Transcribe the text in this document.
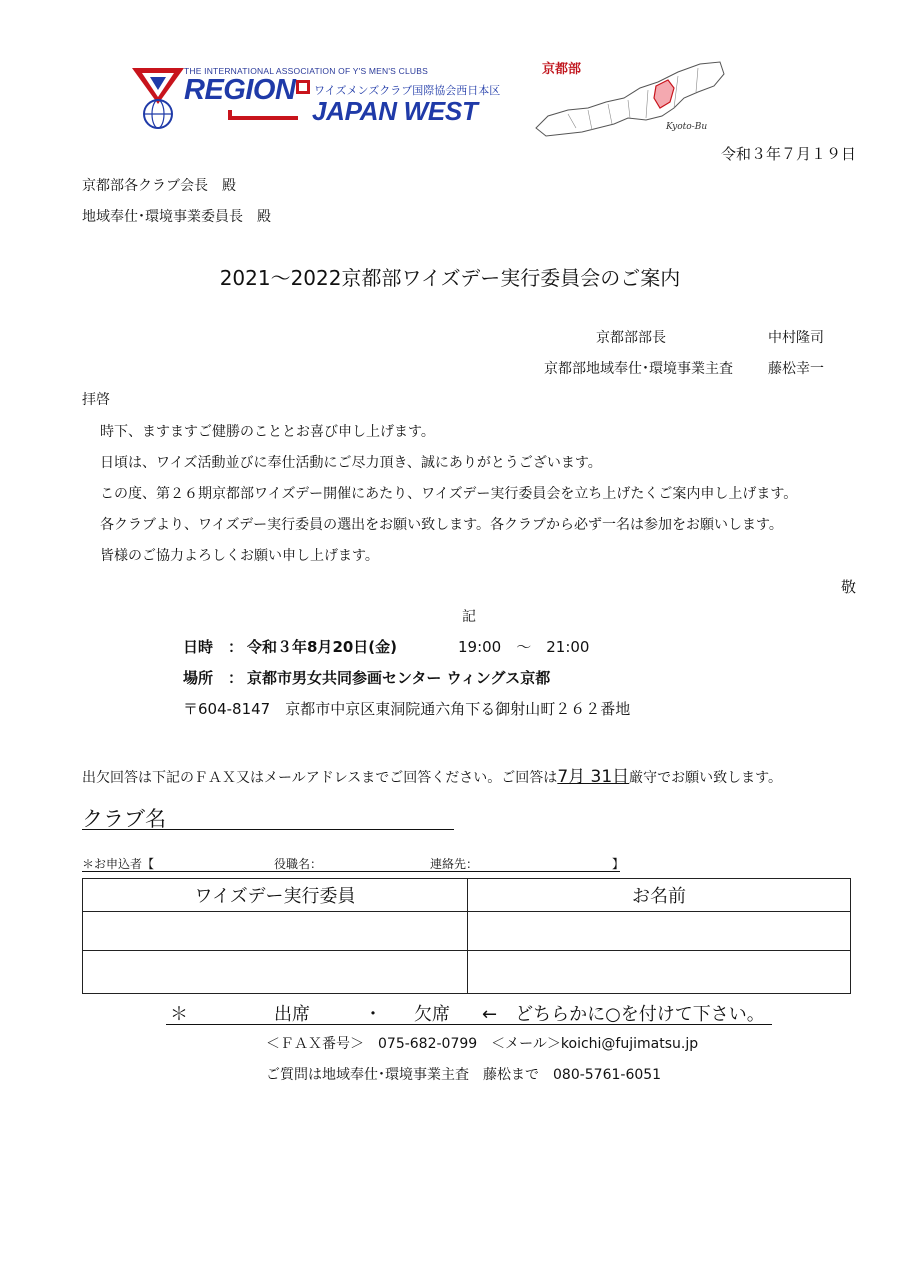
THE INTERNATIONAL ASSOCIATION OF Y'S MEN'S CLUBS
REGION ワイズメンズクラブ国際協会西日本区
JAPAN WEST
京都部
Kyoto-Bu
令和３年７月１９日
京都部各クラブ会長　殿
地域奉仕･環境事業委員長　殿
2021～2022京都部ワイズデー実行委員会のご案内
京都部部長	中村隆司
京都部地域奉仕･環境事業主査	藤松幸一
拝啓
時下、ますますご健勝のこととお喜び申し上げます。
日頃は、ワイズ活動並びに奉仕活動にご尽力頂き、誠にありがとうございます。
この度、第２６期京都部ワイズデー開催にあたり、ワイズデー実行委員会を立ち上げたくご案内申し上げます。
各クラブより、ワイズデー実行委員の選出をお願い致します。各クラブから必ず一名は参加をお願いします。
皆様のご協力よろしくお願い申し上げます。
敬
記
日時　： 令和３年8月20日(金)	19:00　～　21:00
場所　： 京都市男女共同参画センター ウィングス京都
〒604-8147　京都市中京区東洞院通六角下る御射山町２６２番地
出欠回答は下記のＦＡＸ又はメールアドレスまでご回答ください。ご回答は7月 31日厳守でお願い致します。
クラブ名
＊お申込者【	役職名：	連絡先：	】
ワイズデー実行委員	お名前

＊	出席	・ 欠席 ←　どちらかに○を付けて下さい。
＜ＦＡＸ番号＞　075-682-0799　＜メール＞koichi@fujimatsu.jp
ご質問は地域奉仕･環境事業主査　藤松まで　080-5761-6051
